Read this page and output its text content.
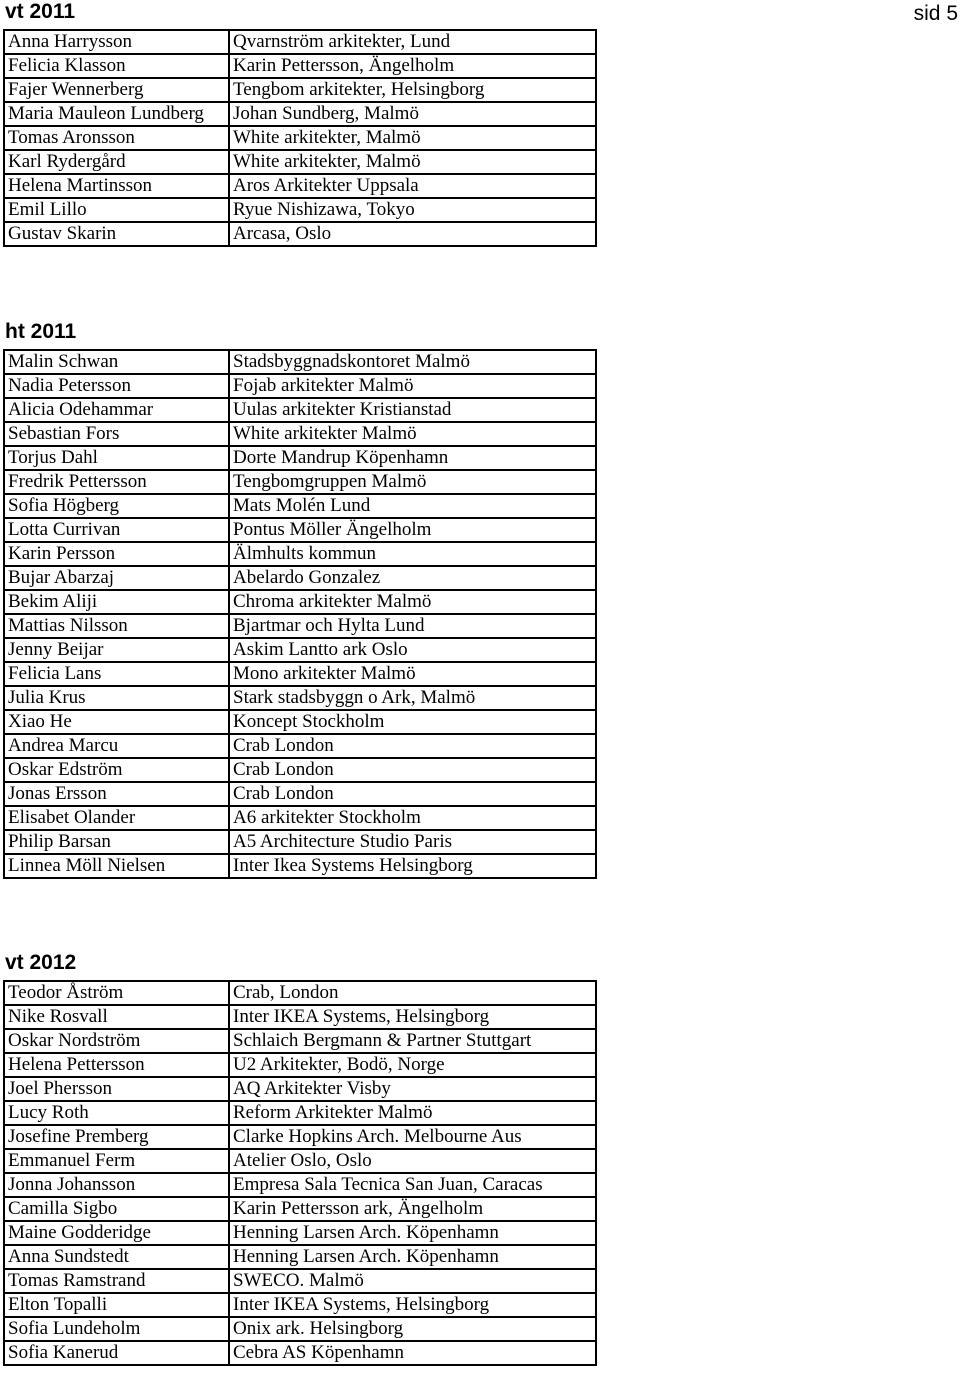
sid 5

vt 2011
Anna Harrysson	Qvarnström arkitekter, Lund
Felicia Klasson	Karin Pettersson, Ängelholm
Fajer Wennerberg	Tengbom arkitekter, Helsingborg
Maria Mauleon Lundberg	Johan Sundberg, Malmö
Tomas Aronsson	White arkitekter, Malmö
Karl Rydergård	White arkitekter, Malmö
Helena Martinsson	Aros Arkitekter Uppsala
Emil Lillo	Ryue Nishizawa, Tokyo
Gustav Skarin	Arcasa, Oslo
ht 2011
Malin Schwan	Stadsbyggnadskontoret Malmö
Nadia Petersson	Fojab arkitekter Malmö
Alicia Odehammar	Uulas arkitekter Kristianstad
Sebastian Fors	White arkitekter Malmö
Torjus Dahl	Dorte Mandrup Köpenhamn
Fredrik Pettersson	Tengbomgruppen Malmö
Sofia Högberg	Mats Molén Lund
Lotta Currivan	Pontus Möller Ängelholm
Karin Persson	Älmhults kommun
Bujar Abarzaj	Abelardo Gonzalez
Bekim Aliji	Chroma arkitekter Malmö
Mattias Nilsson	Bjartmar och Hylta Lund
Jenny Beijar	Askim Lantto ark Oslo
Felicia Lans	Mono arkitekter Malmö
Julia Krus	Stark stadsbyggn o Ark, Malmö
Xiao He	Koncept Stockholm
Andrea Marcu	Crab London
Oskar Edström	Crab London
Jonas Ersson	Crab London
Elisabet Olander	A6 arkitekter Stockholm
Philip Barsan	A5 Architecture Studio Paris
Linnea Möll Nielsen	Inter Ikea Systems Helsingborg
vt 2012
Teodor Åström	Crab, London
Nike Rosvall	Inter IKEA Systems, Helsingborg
Oskar Nordström	Schlaich Bergmann & Partner Stuttgart
Helena Pettersson	U2 Arkitekter, Bodö, Norge
Joel Phersson	AQ Arkitekter Visby
Lucy Roth	Reform Arkitekter Malmö
Josefine Premberg	Clarke Hopkins Arch. Melbourne Aus
Emmanuel Ferm	Atelier Oslo, Oslo
Jonna Johansson	Empresa Sala Tecnica San Juan, Caracas
Camilla Sigbo	Karin Pettersson ark, Ängelholm
Maine Godderidge	Henning Larsen Arch. Köpenhamn
Anna Sundstedt	Henning Larsen Arch. Köpenhamn
Tomas Ramstrand	SWECO. Malmö
Elton Topalli	Inter IKEA Systems, Helsingborg
Sofia Lundeholm	Onix ark. Helsingborg
Sofia Kanerud	Cebra AS Köpenhamn
